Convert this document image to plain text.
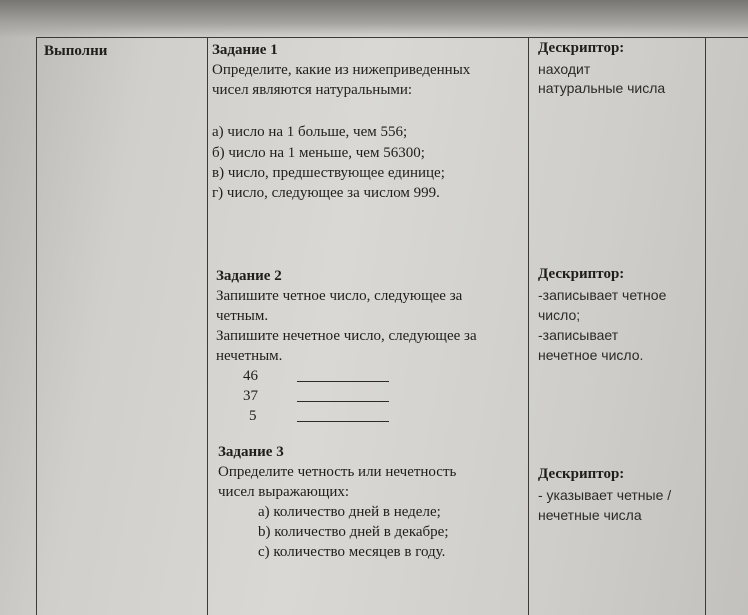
Выполни	Задание 1
Определите, какие из нижеприведенных
чисел являются натуральными:
а) число на 1 больше, чем 556;
б) число на 1 меньше, чем 56300;
в) число, предшествующее единице;
г) число, следующее за числом 999.
Дескриптор:
находит
натуральные числа
Задание 2
Запишите четное число, следующее за
четным.
Запишите нечетное число, следующее за
нечетным.
46
37
5
Дескриптор:
-записывает четное
число;
-записывает
нечетное число.
Задание 3
Определите четность или нечетность
чисел выражающих:
a) количество дней в неделе;
b) количество дней в декабре;
c) количество месяцев в году.
Дескриптор:
- указывает четные /
нечетные числа
